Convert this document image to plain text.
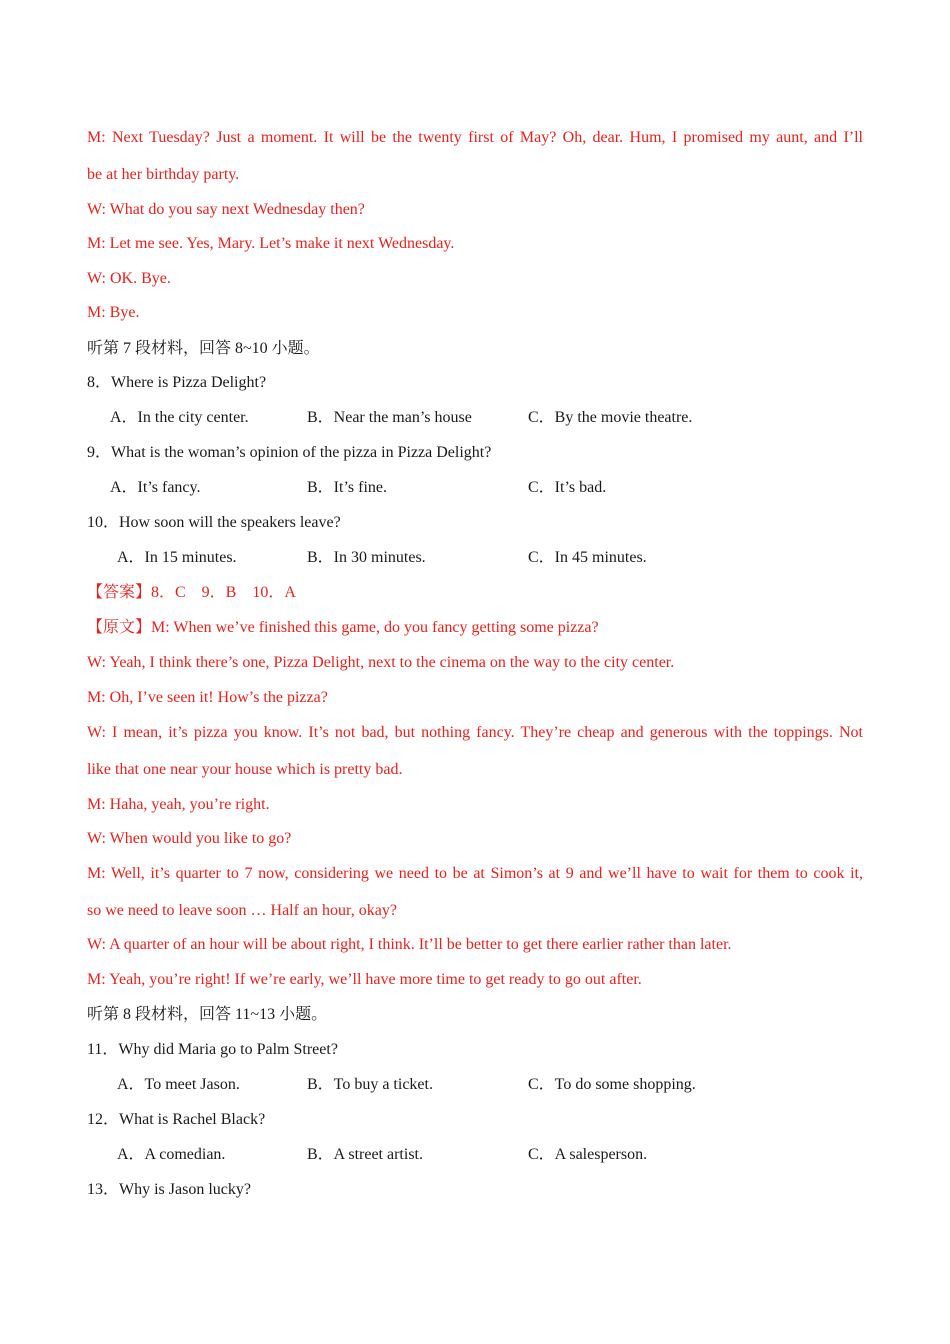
M: Next Tuesday? Just a moment. It will be the twenty first of May? Oh, dear. Hum, I promised my aunt, and I’ll
be at her birthday party.
W: What do you say next Wednesday then?
M: Let me see. Yes, Mary. Let’s make it next Wednesday.
W: OK. Bye.
M: Bye.
听第 7 段材料，回答 8~10 小题。
8．Where is Pizza Delight?
A．In the city center.	B．Near the man’s house	C．By the movie theatre.
9．What is the woman’s opinion of the pizza in Pizza Delight?
A．It’s fancy.	B．It’s fine.	C．It’s bad.
10．How soon will the speakers leave?
A．In 15 minutes.	B．In 30 minutes.	C．In 45 minutes.
【答案】8．C　9．B　10．A
【原文】M: When we’ve finished this game, do you fancy getting some pizza?
W: Yeah, I think there’s one, Pizza Delight, next to the cinema on the way to the city center.
M: Oh, I’ve seen it! How’s the pizza?
W: I mean, it’s pizza you know. It’s not bad, but nothing fancy. They’re cheap and generous with the toppings. Not
like that one near your house which is pretty bad.
M: Haha, yeah, you’re right.
W: When would you like to go?
M: Well, it’s quarter to 7 now, considering we need to be at Simon’s at 9 and we’ll have to wait for them to cook it,
so we need to leave soon … Half an hour, okay?
W: A quarter of an hour will be about right, I think. It’ll be better to get there earlier rather than later.
M: Yeah, you’re right! If we’re early, we’ll have more time to get ready to go out after.
听第 8 段材料，回答 11~13 小题。
11．Why did Maria go to Palm Street?
A．To meet Jason.	B．To buy a ticket.	C．To do some shopping.
12．What is Rachel Black?
A．A comedian.	B．A street artist.	C．A salesperson.
13．Why is Jason lucky?
